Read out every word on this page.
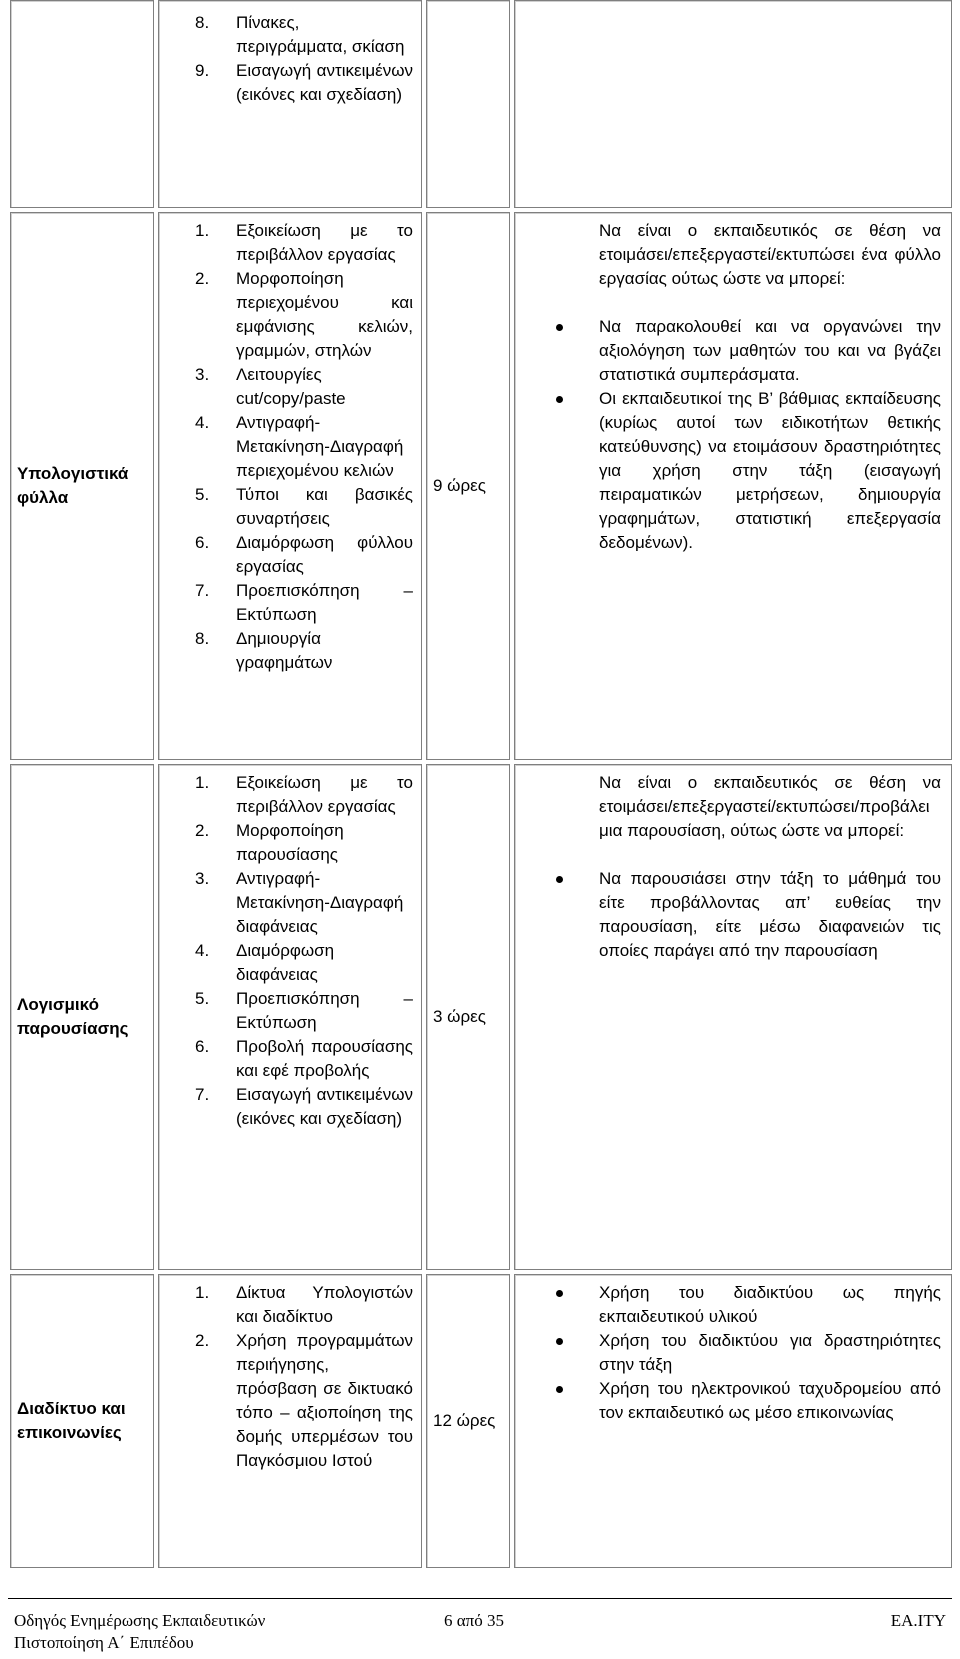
8. Πίνακες, περιγράμματα, σκίαση
9. Εισαγωγή αντικειμένων (εικόνες και σχεδίαση)
Υπολογιστικά φύλλα
1. Εξοικείωση με το περιβάλλον εργασίας
2. Μορφοποίηση περιεχομένου και εμφάνισης κελιών, γραμμών, στηλών
3. Λειτουργίες cut/copy/paste
4. Αντιγραφή-Μετακίνηση-Διαγραφή περιεχομένου κελιών
5. Τύποι και βασικές συναρτήσεις
6. Διαμόρφωση φύλλου εργασίας
7. Προεπισκόπηση – Εκτύπωση
8. Δημιουργία γραφημάτων
9 ώρες

Να είναι ο εκπαιδευτικός σε θέση να ετοιμάσει/επεξεργαστεί/εκτυπώσει ένα φύλλο εργασίας ούτως ώστε να μπορεί:

Να παρακολουθεί και να οργανώνει την αξιολόγηση των μαθητών του και να βγάζει στατιστικά συμπεράσματα.
Οι εκπαιδευτικοί της Β’ βάθμιας εκπαίδευσης (κυρίως αυτοί των ειδικοτήτων θετικής κατεύθυνσης) να ετοιμάσουν δραστηριότητες για χρήση στην τάξη (εισαγωγή πειραματικών μετρήσεων, δημιουργία γραφημάτων, στατιστική επεξεργασία δεδομένων).
Λογισμικό παρουσίασης
1. Εξοικείωση με το περιβάλλον εργασίας
2. Μορφοποίηση παρουσίασης
3. Αντιγραφή-Μετακίνηση-Διαγραφή διαφάνειας
4. Διαμόρφωση διαφάνειας
5. Προεπισκόπηση – Εκτύπωση
6. Προβολή παρουσίασης και εφέ προβολής
7. Εισαγωγή αντικειμένων (εικόνες και σχεδίαση)
3 ώρες

Να είναι ο εκπαιδευτικός σε θέση να ετοιμάσει/επεξεργαστεί/εκτυπώσει/προβάλει μια παρουσίαση, ούτως ώστε να μπορεί:

Να παρουσιάσει στην τάξη το μάθημά του είτε προβάλλοντας απ’ ευθείας την παρουσίαση, είτε μέσω διαφανειών τις οποίες παράγει από την παρουσίαση
Διαδίκτυο και επικοινωνίες
1. Δίκτυα Υπολογιστών και διαδίκτυο
2. Χρήση προγραμμάτων περιήγησης, πρόσβαση σε δικτυακό τόπο – αξιοποίηση της δομής υπερμέσων του Παγκόσμιου Ιστού
12 ώρες
Χρήση του διαδικτύου ως πηγής εκπαιδευτικού υλικού
Χρήση του διαδικτύου για δραστηριότητες στην τάξη
Χρήση του ηλεκτρονικού ταχυδρομείου από τον εκπαιδευτικό ως μέσο επικοινωνίας
Οδηγός Ενημέρωσης Εκπαιδευτικών
Πιστοποίηση Α΄ Επιπέδου
6 από 35	ΕΑ.ΙΤΥ
